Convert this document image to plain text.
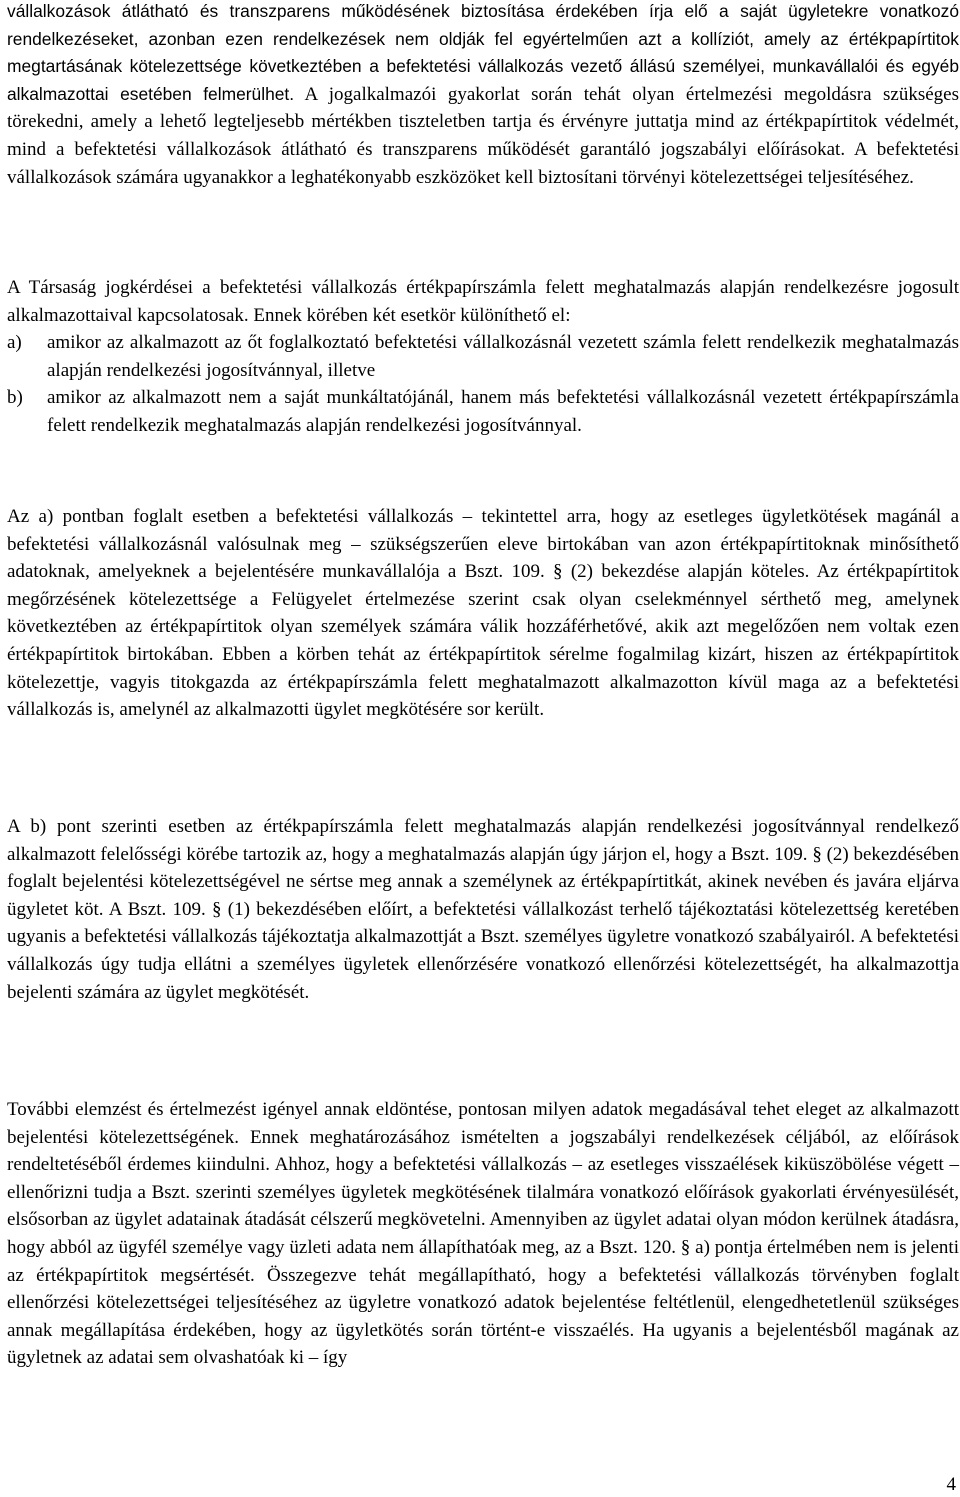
vállalkozások átlátható és transzparens működésének biztosítása érdekében írja elő a saját ügyletekre vonatkozó rendelkezéseket, azonban ezen rendelkezések nem oldják fel egyértelműen azt a kollíziót, amely az értékpapírtitok megtartásának kötelezettsége következtében a befektetési vállalkozás vezető állású személyei, munkavállalói és egyéb alkalmazottai esetében felmerülhet. A jogalkalmazói gyakorlat során tehát olyan értelmezési megoldásra szükséges törekedni, amely a lehető legteljesebb mértékben tiszteletben tartja és érvényre juttatja mind az értékpapírtitok védelmét, mind a befektetési vállalkozások átlátható és transzparens működését garantáló jogszabályi előírásokat. A befektetési vállalkozások számára ugyanakkor a leghatékonyabb eszközöket kell biztosítani törvényi kötelezettségei teljesítéséhez.

A Társaság jogkérdései a befektetési vállalkozás értékpapírszámla felett meghatalmazás alapján rendelkezésre jogosult alkalmazottaival kapcsolatosak. Ennek körében két esetkör különíthető el:

a)	amikor az alkalmazott az őt foglalkoztató befektetési vállalkozásnál vezetett számla felett rendelkezik meghatalmazás alapján rendelkezési jogosítvánnyal, illetve
b)	amikor az alkalmazott nem a saját munkáltatójánál, hanem más befektetési vállalkozásnál vezetett értékpapírszámla felett rendelkezik meghatalmazás alapján rendelkezési jogosítvánnyal.

Az a) pontban foglalt esetben a befektetési vállalkozás – tekintettel arra, hogy az esetleges ügyletkötések magánál a befektetési vállalkozásnál valósulnak meg – szükségszerűen eleve birtokában van azon értékpapírtitoknak minősíthető adatoknak, amelyeknek a bejelentésére munkavállalója a Bszt. 109. § (2) bekezdése alapján köteles. Az értékpapírtitok megőrzésének kötelezettsége a Felügyelet értelmezése szerint csak olyan cselekménnyel sérthető meg, amelynek következtében az értékpapírtitok olyan személyek számára válik hozzáférhetővé, akik azt megelőzően nem voltak ezen értékpapírtitok birtokában. Ebben a körben tehát az értékpapírtitok sérelme fogalmilag kizárt, hiszen az értékpapírtitok kötelezettje, vagyis titokgazda az értékpapírszámla felett meghatalmazott alkalmazotton kívül maga az a befektetési vállalkozás is, amelynél az alkalmazotti ügylet megkötésére sor került.

A b) pont szerinti esetben az értékpapírszámla felett meghatalmazás alapján rendelkezési jogosítvánnyal rendelkező alkalmazott felelősségi körébe tartozik az, hogy a meghatalmazás alapján úgy járjon el, hogy a Bszt. 109. § (2) bekezdésében foglalt bejelentési kötelezettségével ne sértse meg annak a személynek az értékpapírtitkát, akinek nevében és javára eljárva ügyletet köt. A Bszt. 109. § (1) bekezdésében előírt, a befektetési vállalkozást terhelő tájékoztatási kötelezettség keretében ugyanis a befektetési vállalkozás tájékoztatja alkalmazottját a Bszt. személyes ügyletre vonatkozó szabályairól. A befektetési vállalkozás úgy tudja ellátni a személyes ügyletek ellenőrzésére vonatkozó ellenőrzési kötelezettségét, ha alkalmazottja bejelenti számára az ügylet megkötését.

További elemzést és értelmezést igényel annak eldöntése, pontosan milyen adatok megadásával tehet eleget az alkalmazott bejelentési kötelezettségének. Ennek meghatározásához ismételten a jogszabályi rendelkezések céljából, az előírások rendeltetéséből érdemes kiindulni. Ahhoz, hogy a befektetési vállalkozás – az esetleges visszaélések kiküszöbölése végett – ellenőrizni tudja a Bszt. szerinti személyes ügyletek megkötésének tilalmára vonatkozó előírások gyakorlati érvényesülését, elsősorban az ügylet adatainak átadását célszerű megkövetelni. Amennyiben az ügylet adatai olyan módon kerülnek átadásra, hogy abból az ügyfél személye vagy üzleti adata nem állapíthatóak meg, az a Bszt. 120. § a) pontja értelmében nem is jelenti az értékpapírtitok megsértését. Összegezve tehát megállapítható, hogy a befektetési vállalkozás törvényben foglalt ellenőrzési kötelezettségei teljesítéséhez az ügyletre vonatkozó adatok bejelentése feltétlenül, elengedhetetlenül szükséges annak megállapítása érdekében, hogy az ügyletkötés során történt-e visszaélés. Ha ugyanis a bejelentésből magának az ügyletnek az adatai sem olvashatóak ki – így

4
